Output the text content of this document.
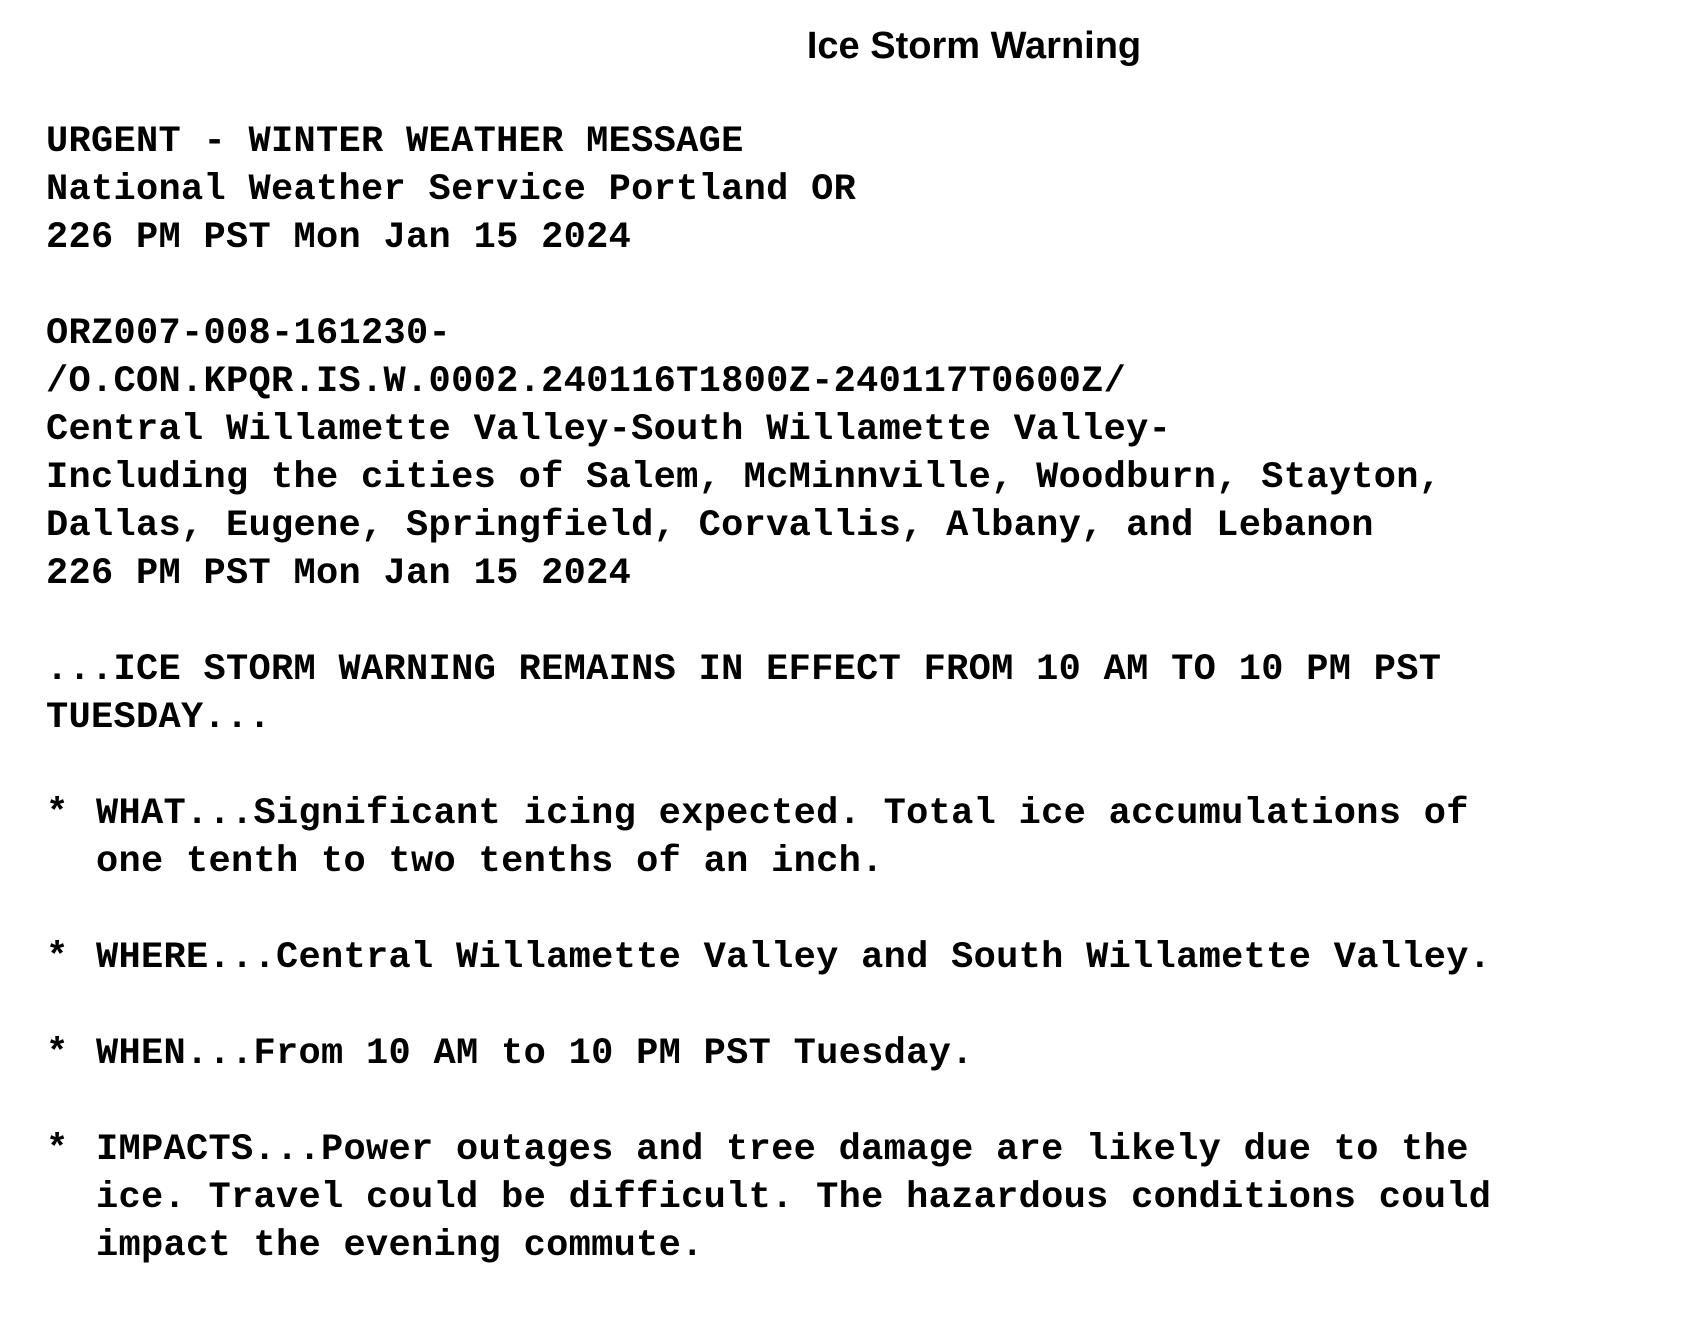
Ice Storm Warning
URGENT - WINTER WEATHER MESSAGE
National Weather Service Portland OR
226 PM PST Mon Jan 15 2024
ORZ007-008-161230-
/O.CON.KPQR.IS.W.0002.240116T1800Z-240117T0600Z/
Central Willamette Valley-South Willamette Valley-
Including the cities of Salem, McMinnville, Woodburn, Stayton,
Dallas, Eugene, Springfield, Corvallis, Albany, and Lebanon
226 PM PST Mon Jan 15 2024
...ICE STORM WARNING REMAINS IN EFFECT FROM 10 AM TO 10 PM PST
TUESDAY...
* WHAT...Significant icing expected. Total ice accumulations of
one tenth to two tenths of an inch.
* WHERE...Central Willamette Valley and South Willamette Valley.
* WHEN...From 10 AM to 10 PM PST Tuesday.
* IMPACTS...Power outages and tree damage are likely due to the
ice. Travel could be difficult. The hazardous conditions could
impact the evening commute.
